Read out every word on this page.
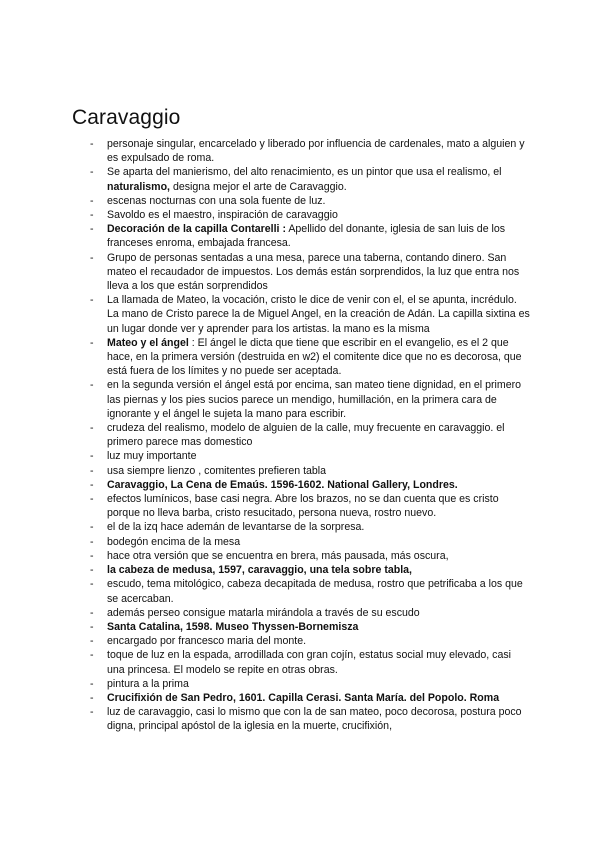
Caravaggio
- personaje singular, encarcelado y liberado por influencia de cardenales, mato a alguien y es expulsado de roma.
- Se aparta del manierismo, del alto renacimiento, es un pintor que usa el realismo, el naturalismo, designa mejor el arte de Caravaggio.
- escenas nocturnas con una sola fuente de luz.
- Savoldo es el maestro, inspiración de caravaggio
- Decoración de la capilla Contarelli : Apellido del donante, iglesia de san luis de los franceses enroma, embajada francesa.
- Grupo de personas sentadas a una mesa, parece una taberna, contando dinero. San mateo el recaudador de impuestos. Los demás están sorprendidos, la luz que entra nos lleva a los que están sorprendidos
- La llamada de Mateo, la vocación, cristo le dice de venir con el, el se apunta, incrédulo. La mano de Cristo parece la de Miguel Angel, en la creación de Adán. La capilla sixtina es un lugar donde ver y aprender para los artistas. la mano es la misma
- Mateo y el ángel : El ángel le dicta que tiene que escribir en el evangelio, es el 2 que hace, en la primera versión (destruida en w2) el comitente dice que no es decorosa, que está fuera de los límites y no puede ser aceptada.
- en la segunda versión el ángel está por encima, san mateo tiene dignidad, en el primero las piernas y los pies sucios parece un mendigo, humillación, en la primera cara de ignorante y el ángel le sujeta la mano para escribir.
- crudeza del realismo, modelo de alguien de la calle, muy frecuente en caravaggio. el primero parece mas domestico
- luz muy importante
- usa siempre lienzo , comitentes prefieren tabla
- Caravaggio, La Cena de Emaús. 1596-1602. National Gallery, Londres.
- efectos lumínicos, base casi negra. Abre los brazos, no se dan cuenta que es cristo porque no lleva barba, cristo resucitado, persona nueva, rostro nuevo.
- el de la izq hace ademán de levantarse de la sorpresa.
- bodegón encima de la mesa
- hace otra versión que se encuentra en brera, más pausada, más oscura,
- la cabeza de medusa, 1597, caravaggio, una tela sobre tabla,
- escudo, tema mitológico, cabeza decapitada de medusa, rostro que petrificaba a los que se acercaban.
- además perseo consigue matarla mirándola a través de su escudo
- Santa Catalina, 1598. Museo Thyssen-Bornemisza
- encargado por francesco maria del monte.
- toque de luz en la espada, arrodillada con gran cojín, estatus social muy elevado, casi una princesa. El modelo se repite en otras obras.
- pintura a la prima
- Crucifixión de San Pedro, 1601. Capilla Cerasi. Santa María. del Popolo. Roma
- luz de caravaggio, casi lo mismo que con la de san mateo, poco decorosa, postura poco digna, principal apóstol de la iglesia en la muerte, crucifixión,
